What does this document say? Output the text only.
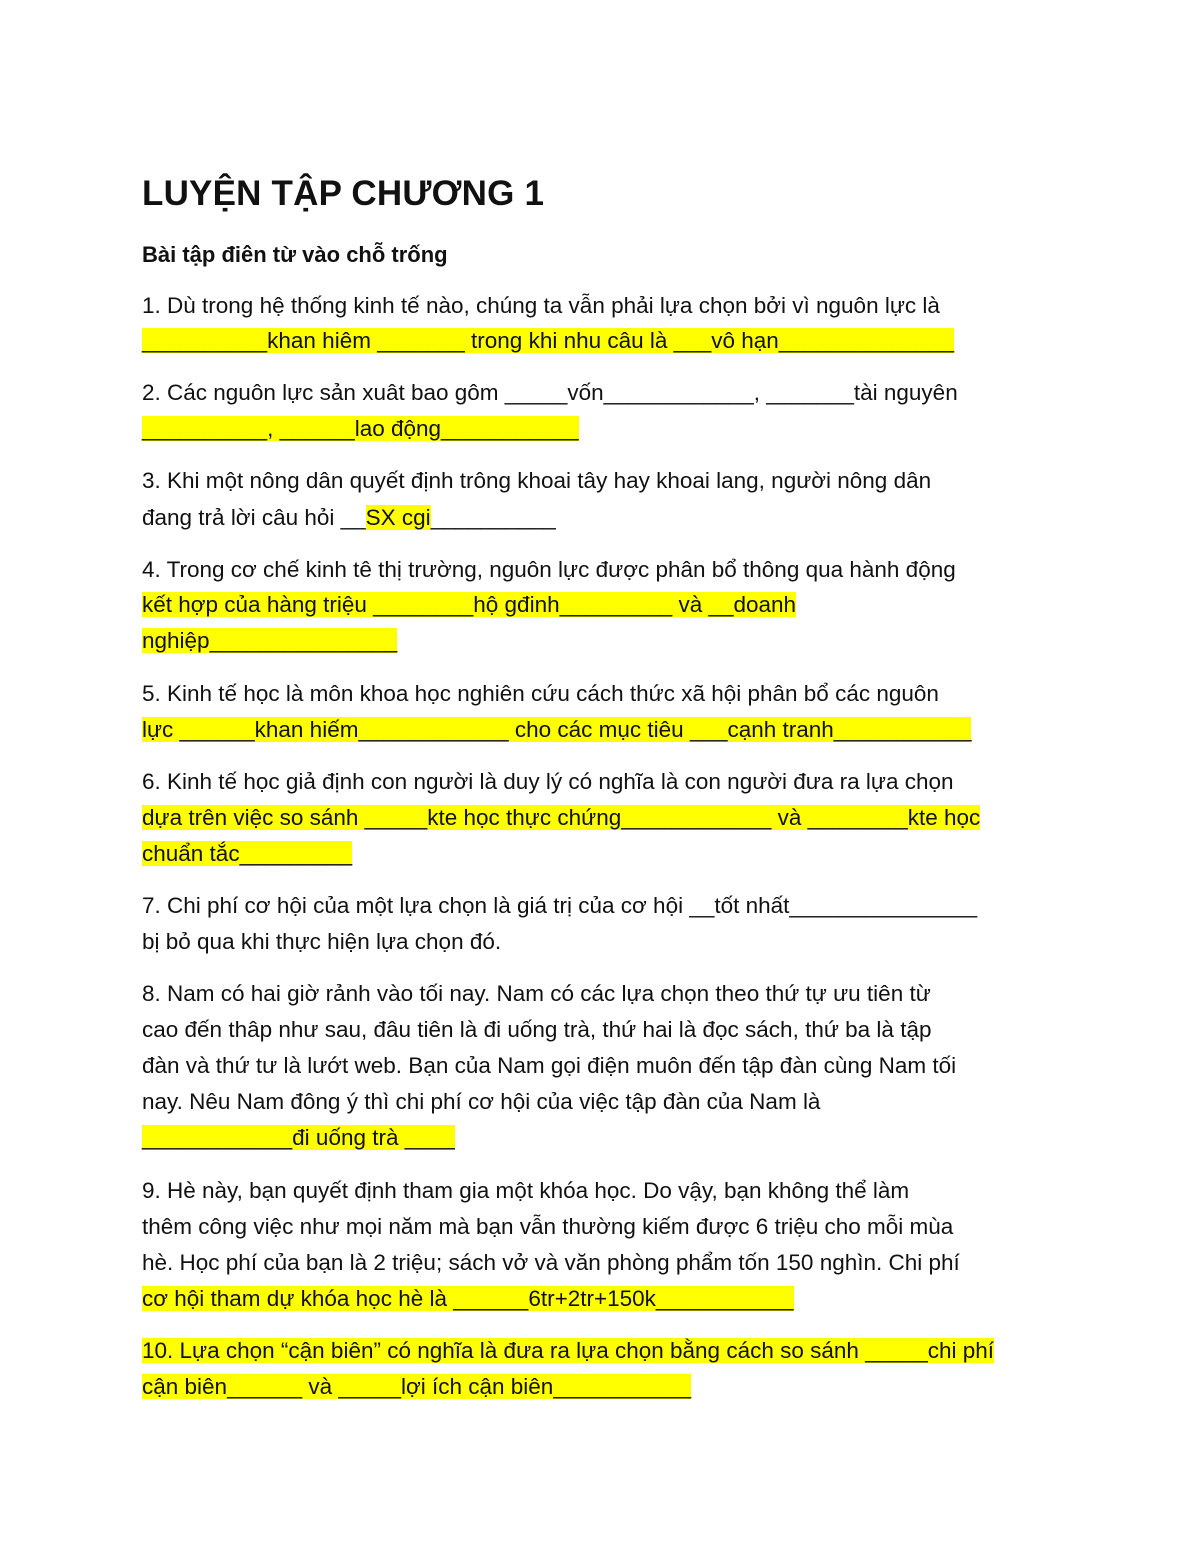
LUYỆN TẬP CHƯƠNG 1
Bài tập điên từ vào chỗ trống
1. Dù trong hệ thống kinh tế nào, chúng ta vẫn phải lựa chọn bởi vì nguôn lực là
__________khan hiêm _______ trong khi nhu câu là ___vô hạn______________
2. Các nguôn lực sản xuât bao gôm _____vốn____________, _______tài nguyên
__________, ______lao động___________
3. Khi một nông dân quyết định trông khoai tây hay khoai lang, người nông dân
đang trả lời câu hỏi __SX cgi__________
4. Trong cơ chế kinh tê thị trường, nguôn lực được phân bổ thông qua hành động
kết hợp của hàng triệu ________hộ gđinh_________ và __doanh
nghiệp_______________
5. Kinh tế học là môn khoa học nghiên cứu cách thức xã hội phân bổ các nguôn
lực ______khan hiếm____________ cho các mục tiêu ___cạnh tranh___________
6. Kinh tế học giả định con người là duy lý có nghĩa là con người đưa ra lựa chọn
dựa trên việc so sánh _____kte học thực chứng____________ và ________kte học
chuẩn tắc_________
7. Chi phí cơ hội của một lựa chọn là giá trị của cơ hội __tốt nhất_______________
bị bỏ qua khi thực hiện lựa chọn đó.
8. Nam có hai giờ rảnh vào tối nay. Nam có các lựa chọn theo thứ tự ưu tiên từ
cao đến thâp như sau, đâu tiên là đi uống trà, thứ hai là đọc sách, thứ ba là tập
đàn và thứ tư là lướt web. Bạn của Nam gọi điện muôn đến tập đàn cùng Nam tối
nay. Nêu Nam đông ý thì chi phí cơ hội của việc tập đàn của Nam là
____________đi uống trà ____
9. Hè này, bạn quyết định tham gia một khóa học. Do vậy, bạn không thể làm
thêm công việc như mọi năm mà bạn vẫn thường kiếm được 6 triệu cho mỗi mùa
hè. Học phí của bạn là 2 triệu; sách vở và văn phòng phẩm tốn 150 nghìn. Chi phí
cơ hội tham dự khóa học hè là ______6tr+2tr+150k___________
10. Lựa chọn “cận biên” có nghĩa là đưa ra lựa chọn bằng cách so sánh _____chi phí
cận biên______ và _____lợi ích cận biên___________
